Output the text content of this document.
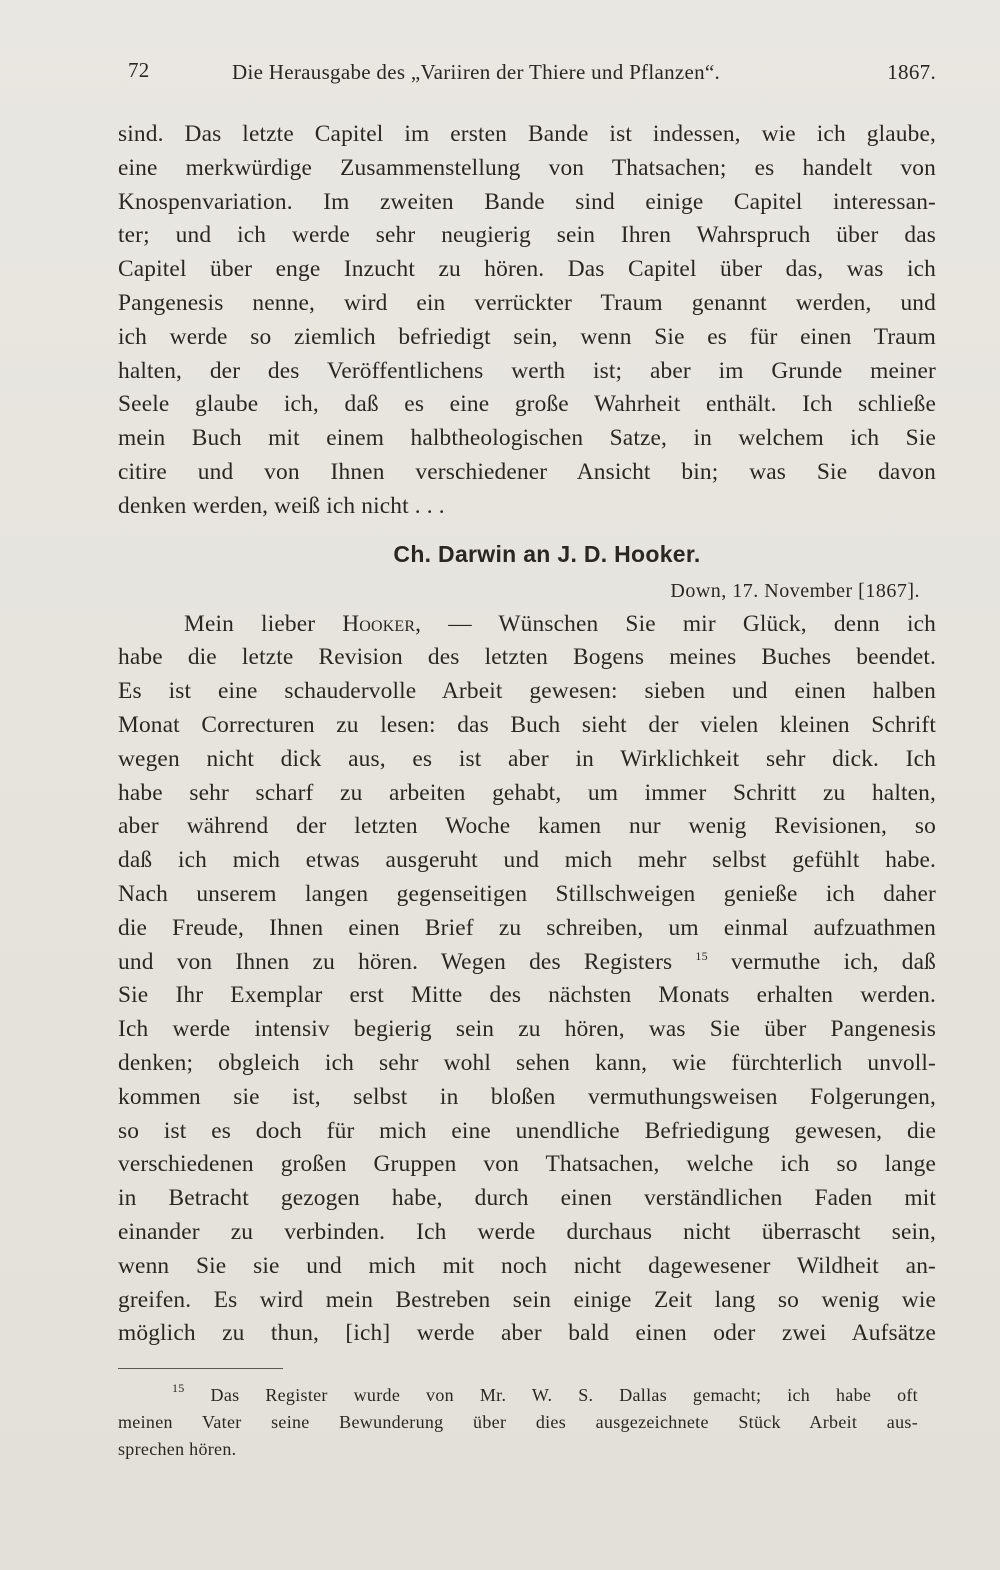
72	Die Herausgabe des „Variiren der Thiere und Pflanzen“.	1867.
sind. Das letzte Capitel im ersten Bande ist indessen, wie ich glaube,
eine merkwürdige Zusammenstellung von Thatsachen; es handelt von
Knospenvariation. Im zweiten Bande sind einige Capitel interessan-
ter; und ich werde sehr neugierig sein Ihren Wahrspruch über das
Capitel über enge Inzucht zu hören. Das Capitel über das, was ich
Pangenesis nenne, wird ein verrückter Traum genannt werden, und
ich werde so ziemlich befriedigt sein, wenn Sie es für einen Traum
halten, der des Veröffentlichens werth ist; aber im Grunde meiner
Seele glaube ich, daß es eine große Wahrheit enthält. Ich schließe
mein Buch mit einem halbtheologischen Satze, in welchem ich Sie
citire und von Ihnen verschiedener Ansicht bin; was Sie davon
denken werden, weiß ich nicht . . .
Ch. Darwin an J. D. Hooker.
Down, 17. November [1867].
Mein lieber Hooker, — Wünschen Sie mir Glück, denn ich
habe die letzte Revision des letzten Bogens meines Buches beendet.
Es ist eine schaudervolle Arbeit gewesen: sieben und einen halben
Monat Correcturen zu lesen: das Buch sieht der vielen kleinen Schrift
wegen nicht dick aus, es ist aber in Wirklichkeit sehr dick. Ich
habe sehr scharf zu arbeiten gehabt, um immer Schritt zu halten,
aber während der letzten Woche kamen nur wenig Revisionen, so
daß ich mich etwas ausgeruht und mich mehr selbst gefühlt habe.
Nach unserem langen gegenseitigen Stillschweigen genieße ich daher
die Freude, Ihnen einen Brief zu schreiben, um einmal aufzuathmen
und von Ihnen zu hören. Wegen des Registers $^{15}$ vermuthe ich, daß
Sie Ihr Exemplar erst Mitte des nächsten Monats erhalten werden.
Ich werde intensiv begierig sein zu hören, was Sie über Pangenesis
denken; obgleich ich sehr wohl sehen kann, wie fürchterlich unvoll-
kommen sie ist, selbst in bloßen vermuthungsweisen Folgerungen,
so ist es doch für mich eine unendliche Befriedigung gewesen, die
verschiedenen großen Gruppen von Thatsachen, welche ich so lange
in Betracht gezogen habe, durch einen verständlichen Faden mit
einander zu verbinden. Ich werde durchaus nicht überrascht sein,
wenn Sie sie und mich mit noch nicht dagewesener Wildheit an-
greifen. Es wird mein Bestreben sein einige Zeit lang so wenig wie
möglich zu thun, [ich] werde aber bald einen oder zwei Aufsätze
$^{15}$ Das Register wurde von Mr. W. S. Dallas gemacht; ich habe oft
meinen Vater seine Bewunderung über dies ausgezeichnete Stück Arbeit aus-
sprechen hören.
